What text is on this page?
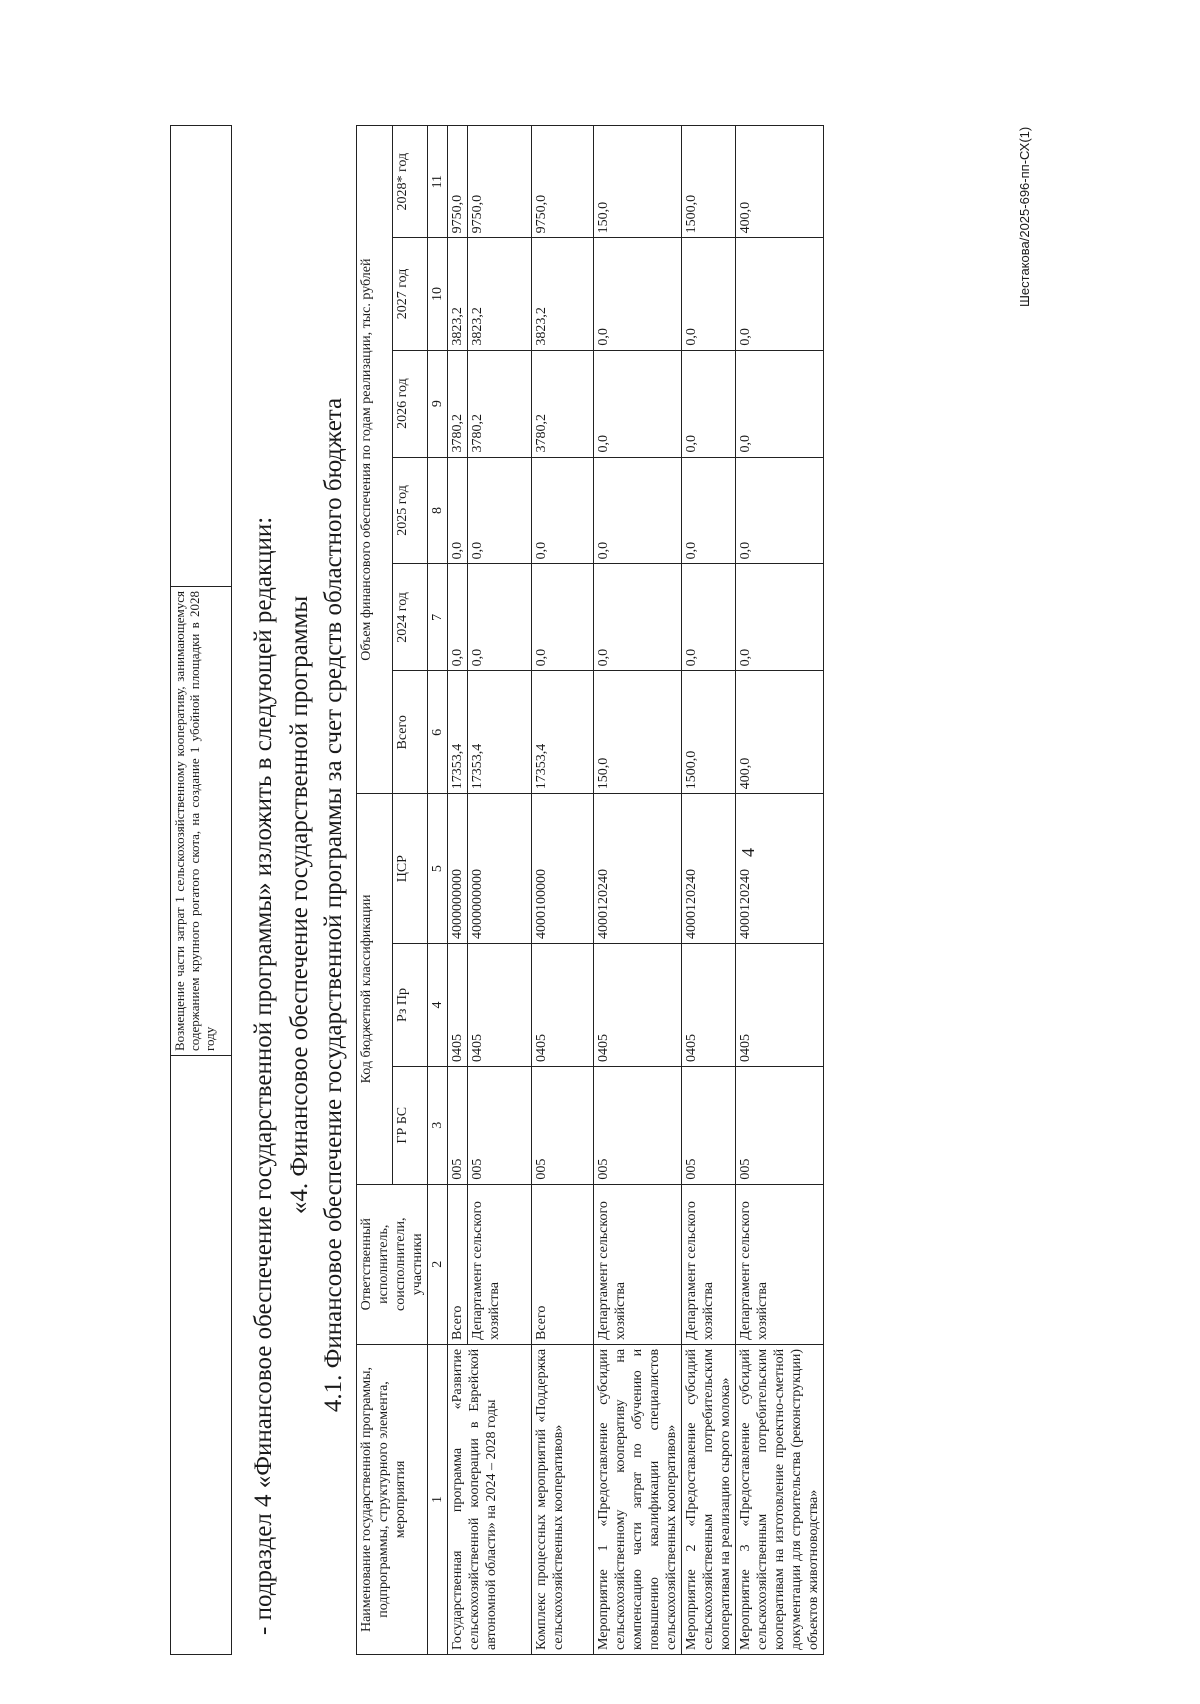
4
Шестакова/2025-696-пп-СХ(1)
	Возмещение части затрат 1 сельскохозяйственному кооперативу, занимающемуся содержанием крупного рогатого скота, на создание 1 убойной площадки в 2028 году	- подраздел 4 «Финансовое обеспечение государственной программы» изложить в следующей редакции: «4. Финансовое обеспечение государственной программы 4.1. Финансовое обеспечение государственной программы за счет средств областного бюджета
Наименование государственной программы, подпрограммы, структурного элемента, мероприятия	Ответственный исполнитель, соисполнители, участники	Код бюджетной классификации			Объем финансового обеспечения по годам реализации, тыс. рублей					
		ГР БС	Рз Пр	ЦСР	Всего	2024 год	2025 год	2026 год	2027 год	2028* год
1	2	3	4	5	6	7	8	9	10	11
Государственная программа «Развитие сельскохозяйственной кооперации в Еврейской автономной области» на 2024 – 2028 годы	Всего	005	0405	4000000000	17353,4	0,0	0,0	3780,2	3823,2	9750,0
	Департамент сельского хозяйства	005	0405	4000000000	17353,4	0,0	0,0	3780,2	3823,2	9750,0
Комплекс процессных мероприятий «Поддержка сельскохозяйственных кооперативов»	Всего	005	0405	4000100000	17353,4	0,0	0,0	3780,2	3823,2	9750,0
Мероприятие 1 «Предоставление субсидии сельскохозяйственному кооперативу на компенсацию части затрат по обучению и повышению квалификации специалистов сельскохозяйственных кооперативов»	Департамент сельского хозяйства	005	0405	4000120240	150,0	0,0	0,0	0,0	0,0	150,0
Мероприятие 2 «Предоставление субсидий сельскохозяйственным потребительским кооперативам на реализацию сырого молока»	Департамент сельского хозяйства	005	0405	4000120240	1500,0	0,0	0,0	0,0	0,0	1500,0
Мероприятие 3 «Предоставление субсидий сельскохозяйственным потребительским кооперативам на изготовление проектно-сметной документации для строительства (реконструкции) объектов животноводства»	Департамент сельского хозяйства	005	0405	4000120240	400,0	0,0	0,0	0,0	0,0	400,0
